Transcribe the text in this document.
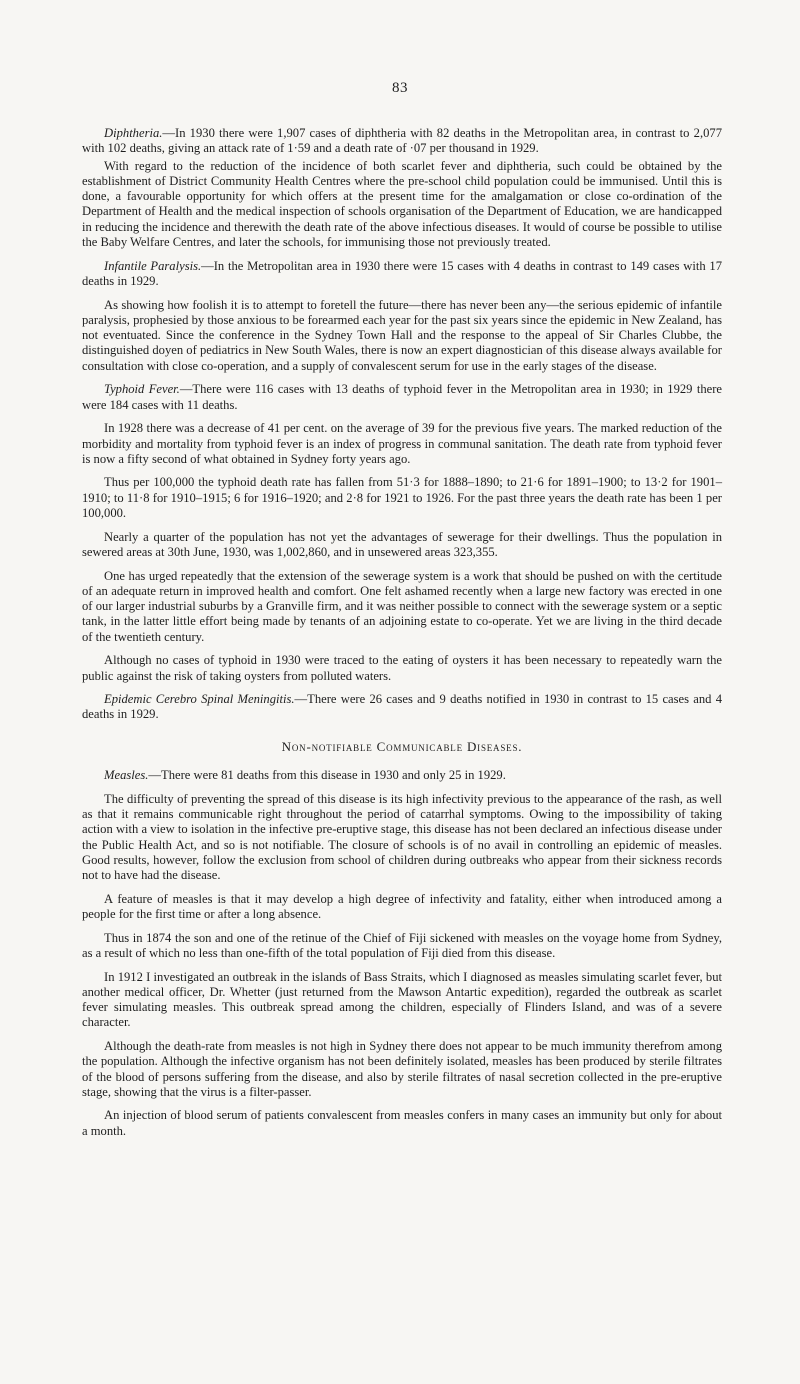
83

Diphtheria.—In 1930 there were 1,907 cases of diphtheria with 82 deaths in the Metropolitan area, in contrast to 2,077 with 102 deaths, giving an attack rate of 1·59 and a death rate of ·07 per thousand in 1929.

With regard to the reduction of the incidence of both scarlet fever and diphtheria, such could be obtained by the establishment of District Community Health Centres where the pre-school child population could be immunised. Until this is done, a favourable opportunity for which offers at the present time for the amalgamation or close co-ordination of the Department of Health and the medical inspection of schools organisation of the Department of Education, we are handicapped in reducing the incidence and therewith the death rate of the above infectious diseases. It would of course be possible to utilise the Baby Welfare Centres, and later the schools, for immunising those not previously treated.

Infantile Paralysis.—In the Metropolitan area in 1930 there were 15 cases with 4 deaths in contrast to 149 cases with 17 deaths in 1929.

As showing how foolish it is to attempt to foretell the future—there has never been any—the serious epidemic of infantile paralysis, prophesied by those anxious to be forearmed each year for the past six years since the epidemic in New Zealand, has not eventuated. Since the conference in the Sydney Town Hall and the response to the appeal of Sir Charles Clubbe, the distinguished doyen of pediatrics in New South Wales, there is now an expert diagnostician of this disease always available for consultation with close co-operation, and a supply of convalescent serum for use in the early stages of the disease.

Typhoid Fever.—There were 116 cases with 13 deaths of typhoid fever in the Metropolitan area in 1930; in 1929 there were 184 cases with 11 deaths.

In 1928 there was a decrease of 41 per cent. on the average of 39 for the previous five years. The marked reduction of the morbidity and mortality from typhoid fever is an index of progress in communal sanitation. The death rate from typhoid fever is now a fifty second of what obtained in Sydney forty years ago.

Thus per 100,000 the typhoid death rate has fallen from 51·3 for 1888–1890; to 21·6 for 1891–1900; to 13·2 for 1901–1910; to 11·8 for 1910–1915; 6 for 1916–1920; and 2·8 for 1921 to 1926. For the past three years the death rate has been 1 per 100,000.

Nearly a quarter of the population has not yet the advantages of sewerage for their dwellings. Thus the population in sewered areas at 30th June, 1930, was 1,002,860, and in unsewered areas 323,355.

One has urged repeatedly that the extension of the sewerage system is a work that should be pushed on with the certitude of an adequate return in improved health and comfort. One felt ashamed recently when a large new factory was erected in one of our larger industrial suburbs by a Granville firm, and it was neither possible to connect with the sewerage system or a septic tank, in the latter little effort being made by tenants of an adjoining estate to co-operate. Yet we are living in the third decade of the twentieth century.

Although no cases of typhoid in 1930 were traced to the eating of oysters it has been necessary to repeatedly warn the public against the risk of taking oysters from polluted waters.

Epidemic Cerebro Spinal Meningitis.—There were 26 cases and 9 deaths notified in 1930 in contrast to 15 cases and 4 deaths in 1929.

Non-notifiable Communicable Diseases.

Measles.—There were 81 deaths from this disease in 1930 and only 25 in 1929.

The difficulty of preventing the spread of this disease is its high infectivity previous to the appearance of the rash, as well as that it remains communicable right throughout the period of catarrhal symptoms. Owing to the impossibility of taking action with a view to isolation in the infective pre-eruptive stage, this disease has not been declared an infectious disease under the Public Health Act, and so is not notifiable. The closure of schools is of no avail in controlling an epidemic of measles. Good results, however, follow the exclusion from school of children during outbreaks who appear from their sickness records not to have had the disease.

A feature of measles is that it may develop a high degree of infectivity and fatality, either when introduced among a people for the first time or after a long absence.

Thus in 1874 the son and one of the retinue of the Chief of Fiji sickened with measles on the voyage home from Sydney, as a result of which no less than one-fifth of the total population of Fiji died from this disease.

In 1912 I investigated an outbreak in the islands of Bass Straits, which I diagnosed as measles simulating scarlet fever, but another medical officer, Dr. Whetter (just returned from the Mawson Antartic expedition), regarded the outbreak as scarlet fever simulating measles. This outbreak spread among the children, especially of Flinders Island, and was of a severe character.

Although the death-rate from measles is not high in Sydney there does not appear to be much immunity therefrom among the population. Although the infective organism has not been definitely isolated, measles has been produced by sterile filtrates of the blood of persons suffering from the disease, and also by sterile filtrates of nasal secretion collected in the pre-eruptive stage, showing that the virus is a filter-passer.

An injection of blood serum of patients convalescent from measles confers in many cases an immunity but only for about a month.
